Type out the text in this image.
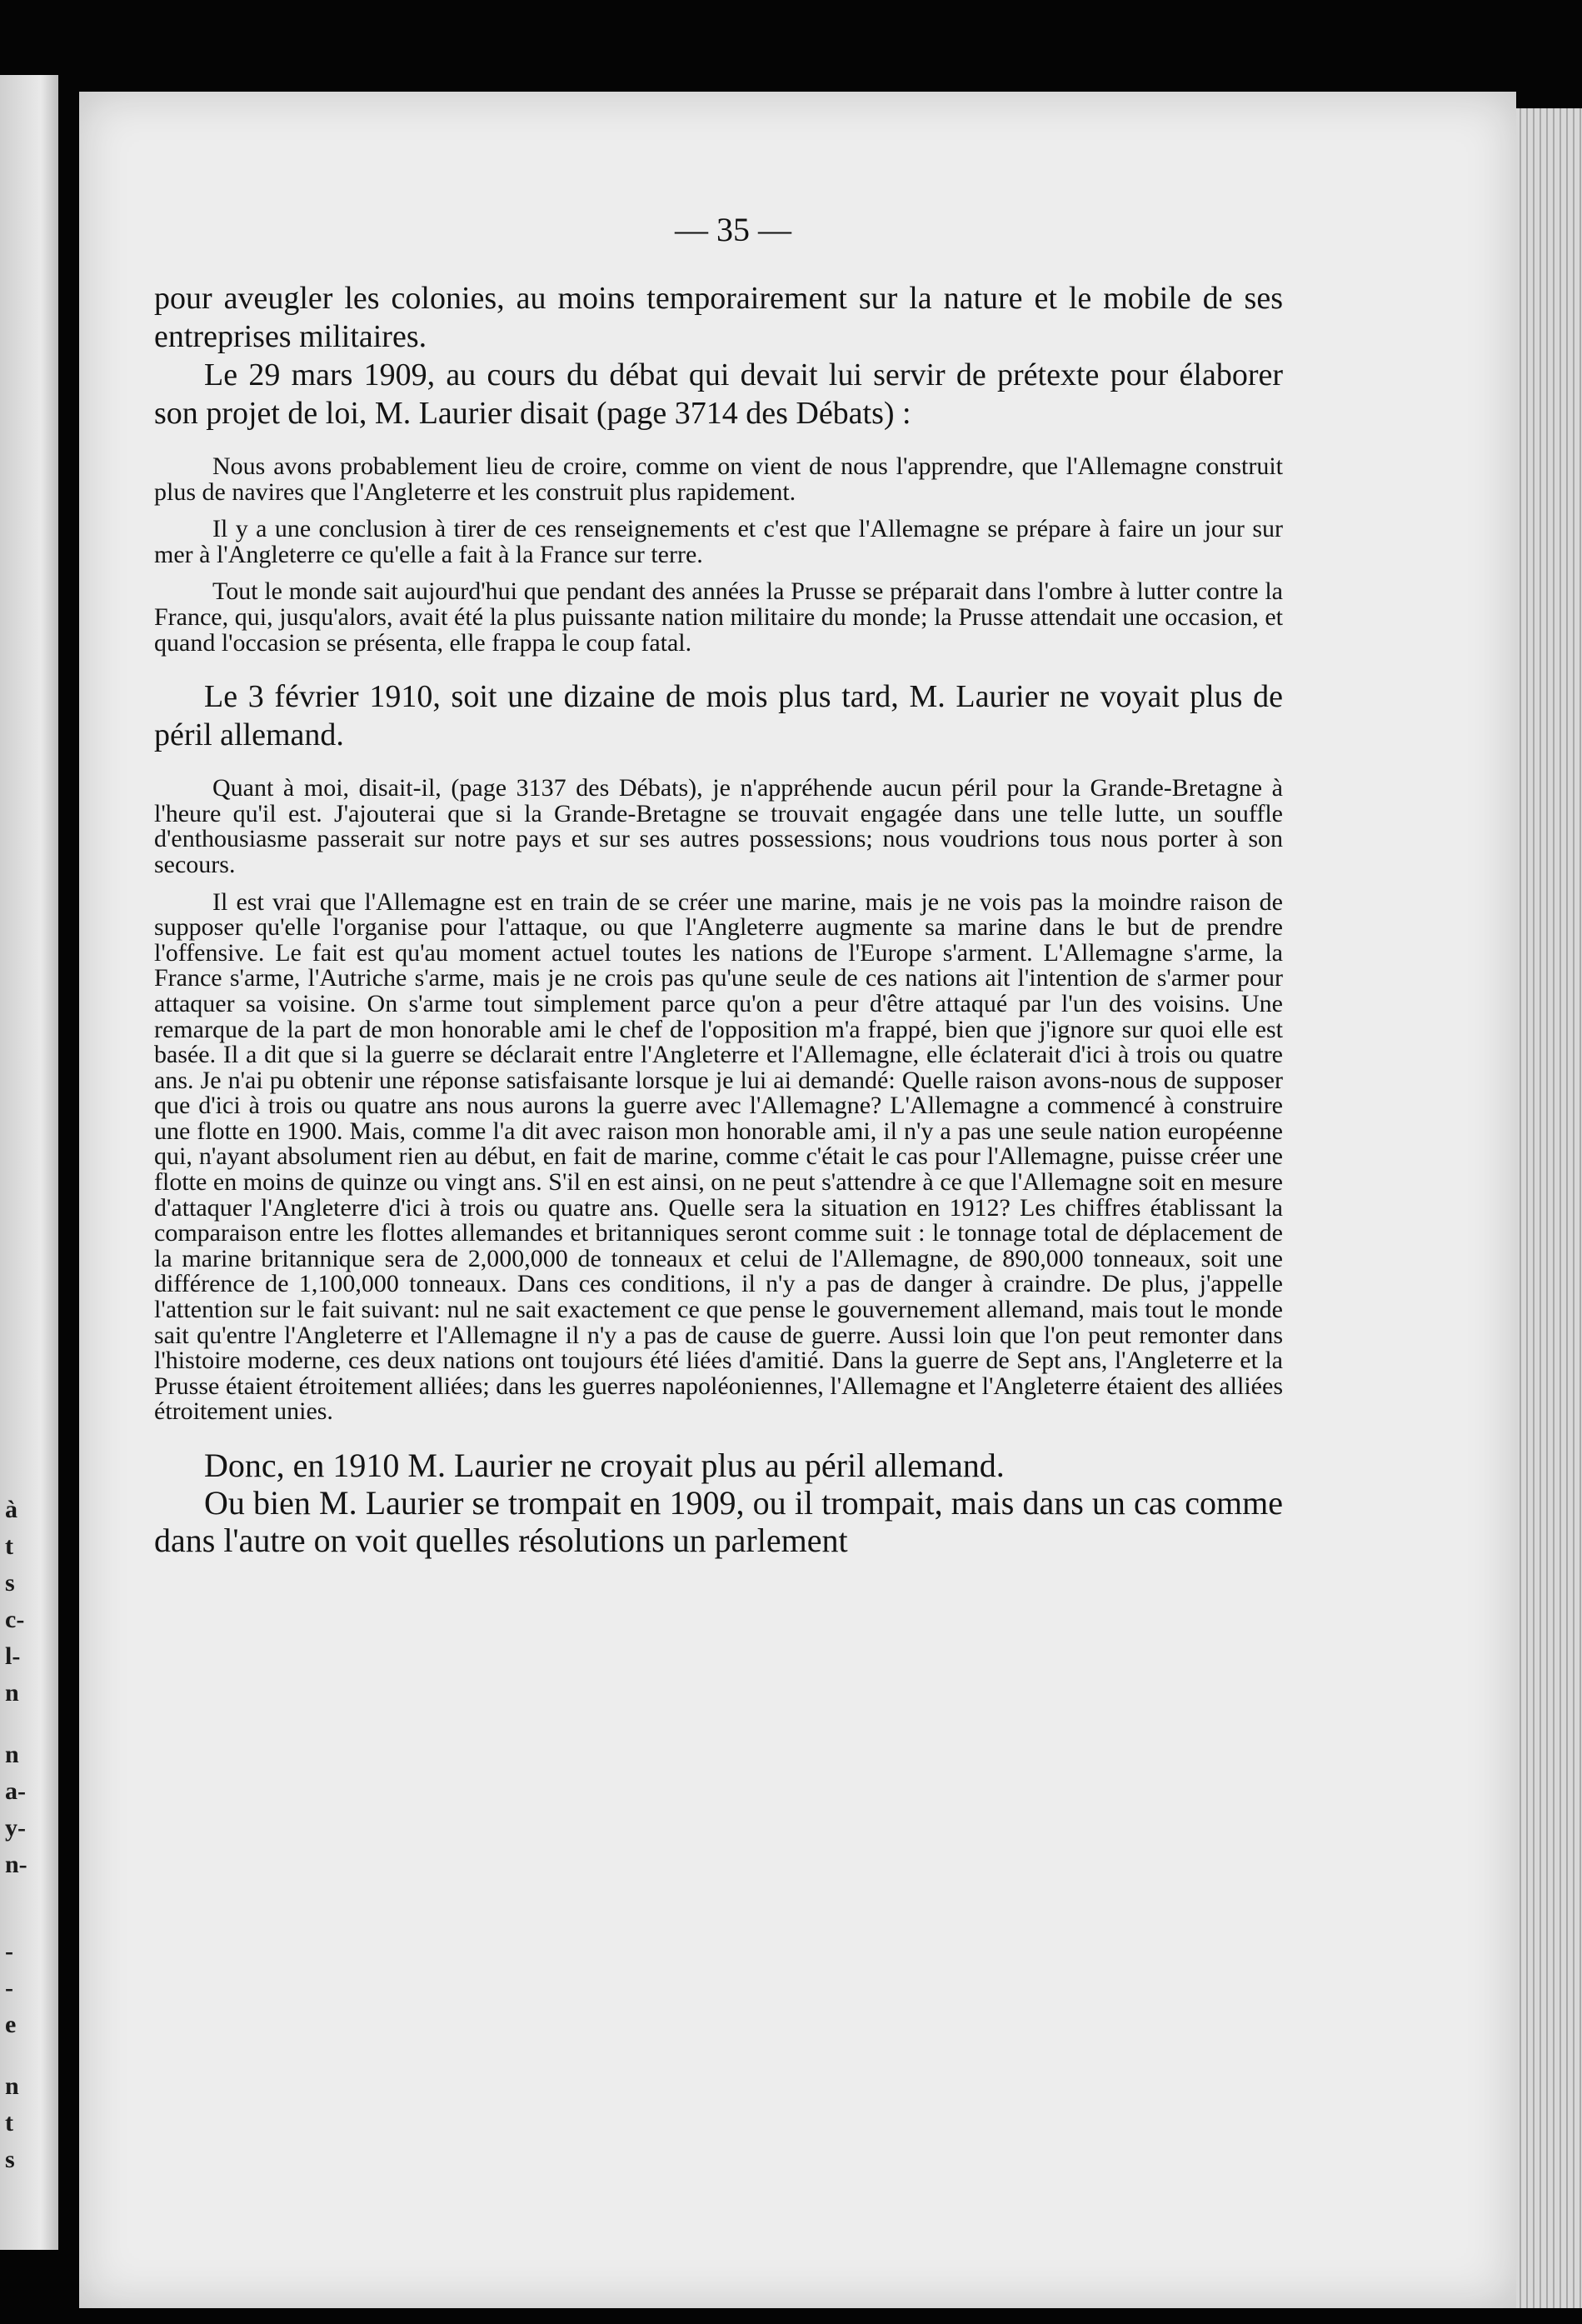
à
t
s
c-
l-
n
n
a-
y-
n-
-
-
e
n
t
s
— 35 —

pour aveugler les colonies, au moins temporairement sur la nature et le mobile de ses entreprises militaires.

Le 29 mars 1909, au cours du débat qui devait lui servir de prétexte pour élaborer son projet de loi, M. Laurier disait (page 3714 des Débats) :

Nous avons probablement lieu de croire, comme on vient de nous l'apprendre, que l'Allemagne construit plus de navires que l'Angleterre et les construit plus rapidement.

Il y a une conclusion à tirer de ces renseignements et c'est que l'Allemagne se prépare à faire un jour sur mer à l'Angleterre ce qu'elle a fait à la France sur terre.

Tout le monde sait aujourd'hui que pendant des années la Prusse se préparait dans l'ombre à lutter contre la France, qui, jusqu'alors, avait été la plus puissante nation militaire du monde; la Prusse attendait une occasion, et quand l'occasion se présenta, elle frappa le coup fatal.

Le 3 février 1910, soit une dizaine de mois plus tard, M. Laurier ne voyait plus de péril allemand.

Quant à moi, disait-il, (page 3137 des Débats), je n'appréhende aucun péril pour la Grande-Bretagne à l'heure qu'il est. J'ajouterai que si la Grande-Bretagne se trouvait engagée dans une telle lutte, un souffle d'enthousiasme passerait sur notre pays et sur ses autres possessions; nous voudrions tous nous porter à son secours.

Il est vrai que l'Allemagne est en train de se créer une marine, mais je ne vois pas la moindre raison de supposer qu'elle l'organise pour l'attaque, ou que l'Angleterre augmente sa marine dans le but de prendre l'offensive. Le fait est qu'au moment actuel toutes les nations de l'Europe s'arment. L'Allemagne s'arme, la France s'arme, l'Autriche s'arme, mais je ne crois pas qu'une seule de ces nations ait l'intention de s'armer pour attaquer sa voisine. On s'arme tout simplement parce qu'on a peur d'être attaqué par l'un des voisins. Une remarque de la part de mon honorable ami le chef de l'opposition m'a frappé, bien que j'ignore sur quoi elle est basée. Il a dit que si la guerre se déclarait entre l'Angleterre et l'Allemagne, elle éclaterait d'ici à trois ou quatre ans. Je n'ai pu obtenir une réponse satisfaisante lorsque je lui ai demandé: Quelle raison avons-nous de supposer que d'ici à trois ou quatre ans nous aurons la guerre avec l'Allemagne? L'Allemagne a commencé à construire une flotte en 1900. Mais, comme l'a dit avec raison mon honorable ami, il n'y a pas une seule nation européenne qui, n'ayant absolument rien au début, en fait de marine, comme c'était le cas pour l'Allemagne, puisse créer une flotte en moins de quinze ou vingt ans. S'il en est ainsi, on ne peut s'attendre à ce que l'Allemagne soit en mesure d'attaquer l'Angleterre d'ici à trois ou quatre ans. Quelle sera la situation en 1912? Les chiffres établissant la comparaison entre les flottes allemandes et britanniques seront comme suit : le tonnage total de déplacement de la marine britannique sera de 2,000,000 de tonneaux et celui de l'Allemagne, de 890,000 tonneaux, soit une différence de 1,100,000 tonneaux. Dans ces conditions, il n'y a pas de danger à craindre. De plus, j'appelle l'attention sur le fait suivant: nul ne sait exactement ce que pense le gouvernement allemand, mais tout le monde sait qu'entre l'Angleterre et l'Allemagne il n'y a pas de cause de guerre. Aussi loin que l'on peut remonter dans l'histoire moderne, ces deux nations ont toujours été liées d'amitié. Dans la guerre de Sept ans, l'Angleterre et la Prusse étaient étroitement alliées; dans les guerres napoléoniennes, l'Allemagne et l'Angleterre étaient des alliées étroitement unies.

Donc, en 1910 M. Laurier ne croyait plus au péril allemand.

Ou bien M. Laurier se trompait en 1909, ou il trompait, mais dans un cas comme dans l'autre on voit quelles résolutions un parlement
